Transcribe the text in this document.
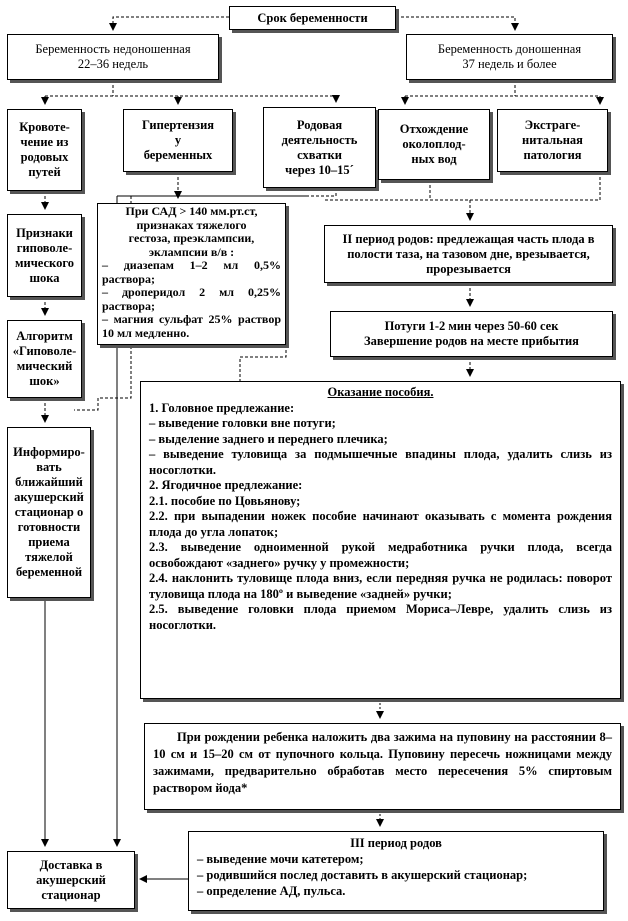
Срок беременности
Беременность недоношенная
22–36 недель
Беременность доношенная
37 недель и более
Кровоте-
чение из
родовых
путей
Гипертензия
у
беременных
Родовая
деятельность
схватки
через 10–15´
Отхождение
околоплод-
ных вод
Экстраге-
нитальная
патология
Признаки
гиповоле-
мического
шока
Алгоритм
«Гиповоле-
мический
шок»
При САД > 140 мм.рт.ст,
признаках тяжелого
гестоза, преэклампсии,
эклампсии в/в :
– диазепам 1–2 мл 0,5% раствора;
– дроперидол 2 мл 0,25% раствора;
– магния сульфат 25% раствор 10 мл медленно.
Информиро-
вать
ближайший
акушерский
стационар о
готовности
приема
тяжелой
беременной
II период родов: предлежащая часть плода в полости таза, на тазовом дне, врезывается, прорезывается
Потуги 1-2 мин через 50-60 сек
Завершение родов на месте прибытия
Оказание пособия.
1. Головное предлежание:
– выведение головки вне потуги;
– выделение заднего и переднего плечика;
– выведение туловища за подмышечные впадины плода, удалить слизь из носоглотки.
2. Ягодичное предлежание:
2.1. пособие по Цовьянову;
2.2. при выпадении ножек пособие начинают оказывать с момента рождения плода до угла лопаток;
2.3. выведение одноименной рукой медработника ручки плода, всегда освобождают «заднего» ручку у промежности;
2.4. наклонить туловище плода вниз, если передняя ручка не родилась: поворот туловища плода на 180º и выведение «задней» ручки;
2.5. выведение головки плода приемом Мориса–Левре, удалить слизь из носоглотки.
При рождении ребенка наложить два зажима на пуповину на расстоянии 8–10 см и 15–20 см от пупочного кольца. Пуповину пересечь ножницами между зажимами, предварительно обработав место пересечения 5% спиртовым раствором йода*
III период родов
– выведение мочи катетером;
– родившийся послед доставить в акушерский стационар;
– определение АД, пульса.
Доставка в
акушерский
стационар
